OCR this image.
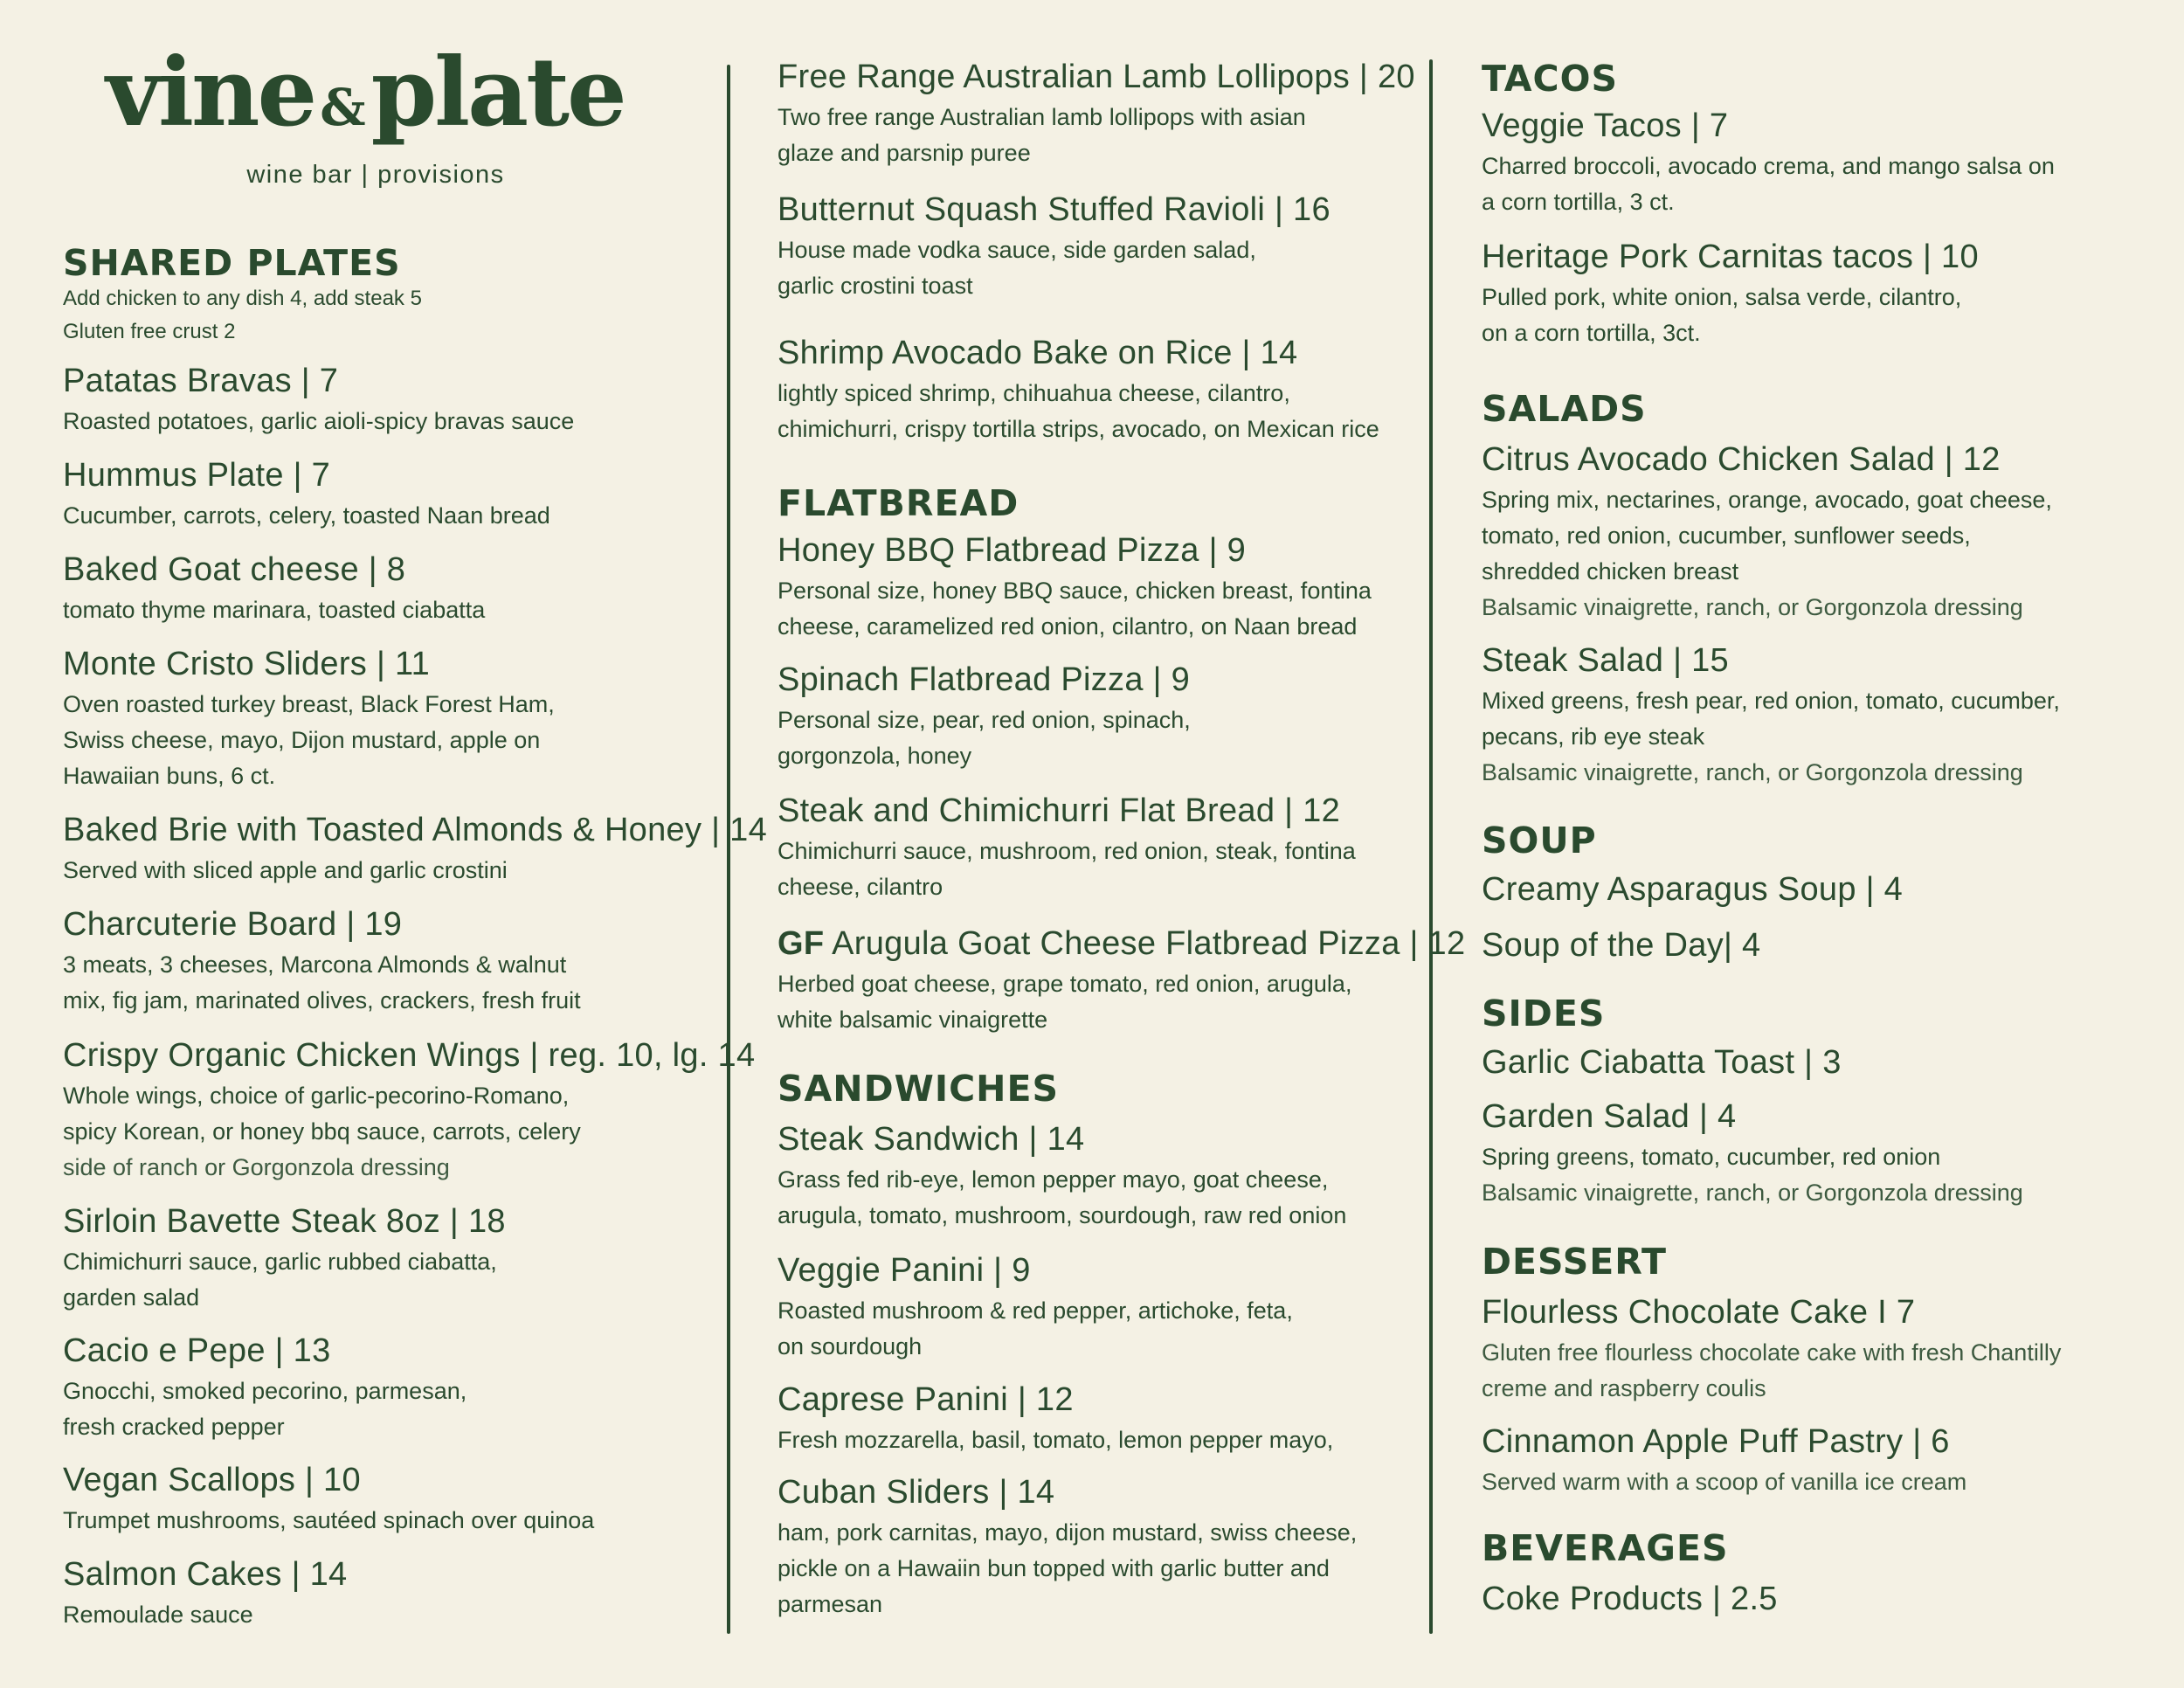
vine &plate
wine bar | provisions
SHARED PLATES
Add chicken to any dish 4, add steak 5
Gluten free crust 2
Patatas Bravas | 7
Roasted potatoes, garlic aioli-spicy bravas sauce
Hummus Plate | 7
Cucumber, carrots, celery, toasted Naan bread
Baked Goat cheese | 8
tomato thyme marinara, toasted ciabatta
Monte Cristo Sliders | 11
Oven roasted turkey breast, Black Forest Ham,
Swiss cheese, mayo, Dijon mustard, apple on
Hawaiian buns, 6 ct.
Baked Brie with Toasted Almonds & Honey | 14
Served with sliced apple and garlic crostini
Charcuterie Board | 19
3 meats, 3 cheeses, Marcona Almonds & walnut
mix, fig jam, marinated olives, crackers, fresh fruit
Crispy Organic Chicken Wings | reg. 10, lg. 14
Whole wings, choice of garlic-pecorino-Romano,
spicy Korean, or honey bbq sauce, carrots, celery
side of ranch or Gorgonzola dressing
Sirloin Bavette Steak 8oz | 18
Chimichurri sauce, garlic rubbed ciabatta,
garden salad
Cacio e Pepe | 13
Gnocchi, smoked pecorino, parmesan,
fresh cracked pepper
Vegan Scallops | 10
Trumpet mushrooms, sautéed spinach over quinoa
Salmon Cakes | 14
Remoulade sauce
Free Range Australian Lamb Lollipops | 20
Two free range Australian lamb lollipops with asian
glaze and parsnip puree
Butternut Squash Stuffed Ravioli | 16
House made vodka sauce, side garden salad,
garlic crostini toast
Shrimp Avocado Bake on Rice | 14
lightly spiced shrimp, chihuahua cheese, cilantro,
chimichurri, crispy tortilla strips, avocado, on Mexican rice
FLATBREAD
Honey BBQ Flatbread Pizza | 9
Personal size, honey BBQ sauce, chicken breast, fontina
cheese, caramelized red onion, cilantro, on Naan bread
Spinach Flatbread Pizza | 9
Personal size, pear, red onion, spinach,
gorgonzola, honey
Steak and Chimichurri Flat Bread | 12
Chimichurri sauce, mushroom, red onion, steak, fontina
cheese, cilantro
GF Arugula Goat Cheese Flatbread Pizza | 12
Herbed goat cheese, grape tomato, red onion, arugula,
white balsamic vinaigrette
SANDWICHES
Steak Sandwich | 14
Grass fed rib-eye, lemon pepper mayo, goat cheese,
arugula, tomato, mushroom, sourdough, raw red onion
Veggie Panini | 9
Roasted mushroom & red pepper, artichoke, feta,
on sourdough
Caprese Panini | 12
Fresh mozzarella, basil, tomato, lemon pepper mayo,
Cuban Sliders | 14
ham, pork carnitas, mayo, dijon mustard, swiss cheese,
pickle on a Hawaiin bun topped with garlic butter and
parmesan
TACOS
Veggie Tacos | 7
Charred broccoli, avocado crema, and mango salsa on
a corn tortilla, 3 ct.
Heritage Pork Carnitas tacos | 10
Pulled pork, white onion, salsa verde, cilantro,
on a corn tortilla, 3ct.
SALADS
Citrus Avocado Chicken Salad | 12
Spring mix, nectarines, orange, avocado, goat cheese,
tomato, red onion, cucumber, sunflower seeds,
shredded chicken breast
Balsamic vinaigrette, ranch, or Gorgonzola dressing
Steak Salad | 15
Mixed greens, fresh pear, red onion, tomato, cucumber,
pecans, rib eye steak
Balsamic vinaigrette, ranch, or Gorgonzola dressing
SOUP
Creamy Asparagus Soup | 4
Soup of the Day| 4
SIDES
Garlic Ciabatta Toast | 3
Garden Salad | 4
Spring greens, tomato, cucumber, red onion
Balsamic vinaigrette, ranch, or Gorgonzola dressing
DESSERT
Flourless Chocolate Cake I 7
Gluten free flourless chocolate cake with fresh Chantilly
creme and raspberry coulis
Cinnamon Apple Puff Pastry | 6
Served warm with a scoop of vanilla ice cream
BEVERAGES
Coke Products | 2.5
